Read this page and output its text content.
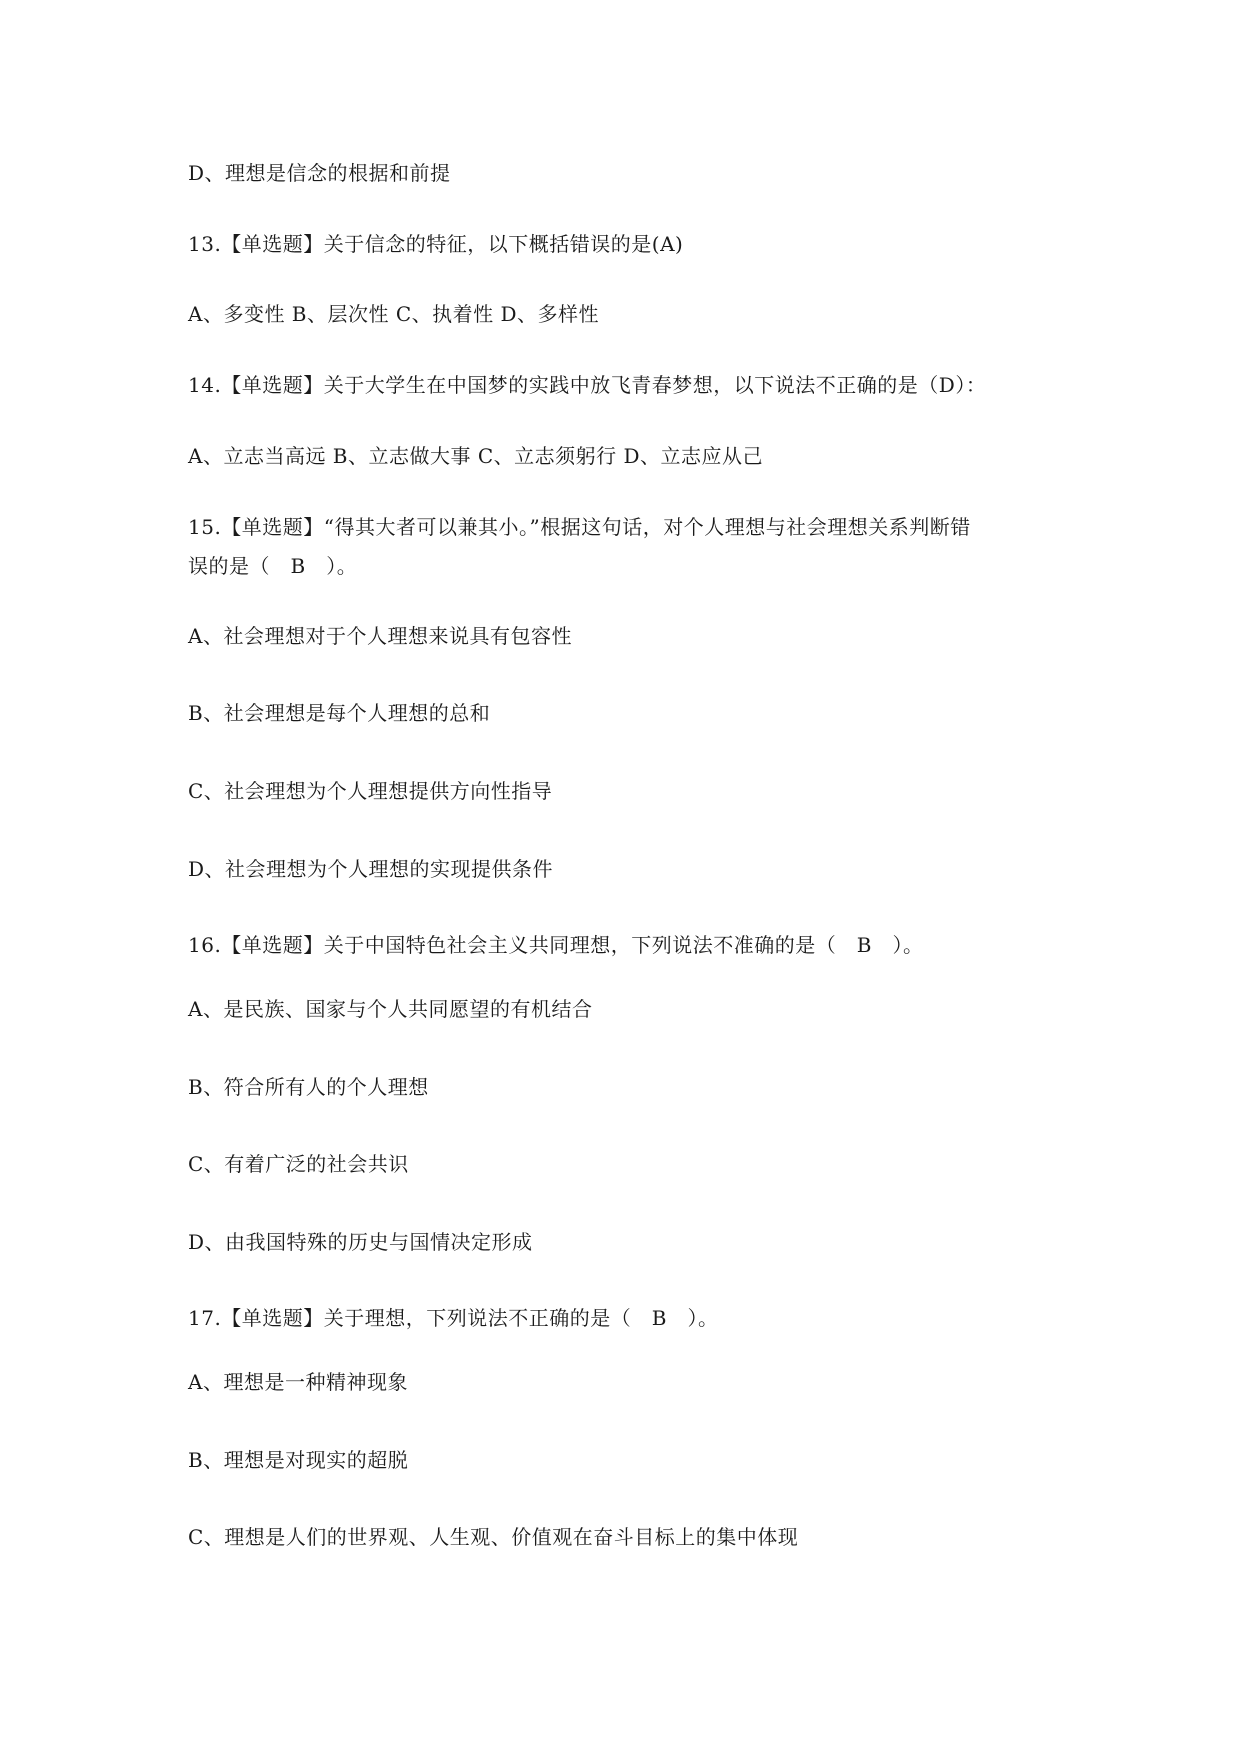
D、理想是信念的根据和前提
13.【单选题】关于信念的特征，以下概括错误的是(A)
A、多变性 B、层次性 C、执着性 D、多样性
14.【单选题】关于大学生在中国梦的实践中放飞青春梦想，以下说法不正确的是（D）：
A、立志当高远 B、立志做大事 C、立志须躬行 D、立志应从己
15.【单选题】“得其大者可以兼其小。”根据这句话，对个人理想与社会理想关系判断错
误的是（　B　）。
A、社会理想对于个人理想来说具有包容性
B、社会理想是每个人理想的总和
C、社会理想为个人理想提供方向性指导
D、社会理想为个人理想的实现提供条件
16.【单选题】关于中国特色社会主义共同理想，下列说法不准确的是（　B　）。
A、是民族、国家与个人共同愿望的有机结合
B、符合所有人的个人理想
C、有着广泛的社会共识
D、由我国特殊的历史与国情决定形成
17.【单选题】关于理想，下列说法不正确的是（　B　）。
A、理想是一种精神现象
B、理想是对现实的超脱
C、理想是人们的世界观、人生观、价值观在奋斗目标上的集中体现
